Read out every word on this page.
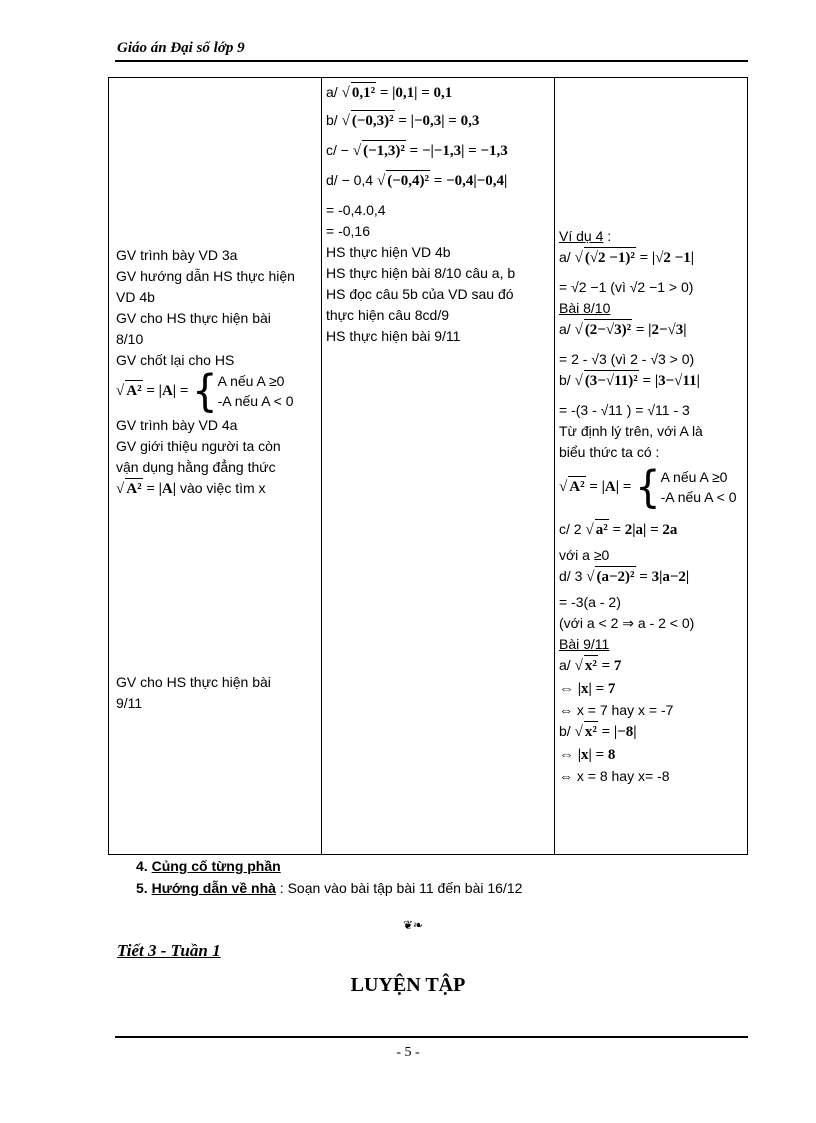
Giáo án Đại số lớp 9
GV trình bày VD 3a
GV hướng dẫn HS thực hiện
VD 4b
GV cho HS thực hiện bài
8/10
GV chốt lại cho HS
√ A² = |A| = { A nếu A ≥0
-A nếu A < 0
GV trình bày VD 4a
GV giới thiệu người ta còn
vận dụng hằng đẳng thức
√ A² = |A| vào việc tìm x
GV cho HS thực hiện bài
9/11
a/ √ 0,1² = |0,1| = 0,1
b/ √ (−0,3)² = |−0,3| = 0,3
c/ − √ (−1,3)² = −|−1,3| = −1,3
d/ − 0,4 √ (−0,4)² = −0,4|−0,4|
= -0,4.0,4
= -0,16
HS thực hiện VD 4b
HS thực hiện bài 8/10 câu a, b
HS đọc câu 5b của VD sau đó
thực hiện câu 8cd/9
HS thực hiện bài 9/11
Ví dụ 4 :
a/ √ (√2 −1)² = |√2 −1|
= √2 −1 (vì √2 −1 > 0)
Bài 8/10
a/ √ (2−√3)² = |2−√3|
= 2 - √3 (vì 2 - √3 > 0)
b/ √ (3−√11)² = |3−√11|
= -(3 - √11 ) = √11 - 3
Từ định lý trên, với A là
biểu thức ta có :
√ A² = |A| = { A nếu A ≥0
-A nếu A < 0
c/ 2 √ a² = 2|a| = 2a
với a ≥0
d/ 3 √ (a−2)² = 3|a−2|
= -3(a - 2)
(với a < 2 ⇒ a - 2 < 0)
Bài 9/11
a/ √ x² = 7
⇔ |x| = 7
⇔ x = 7 hay x = -7
b/ √ x² = |−8|
⇔ |x| = 8
⇔ x = 8 hay x= -8
4. Củng cố từng phần
5. Hướng dẫn về nhà : Soạn vào bài tập bài 11 đến bài 16/12
❦❧
Tiết 3 - Tuần 1
LUYỆN TẬP
- 5 -
